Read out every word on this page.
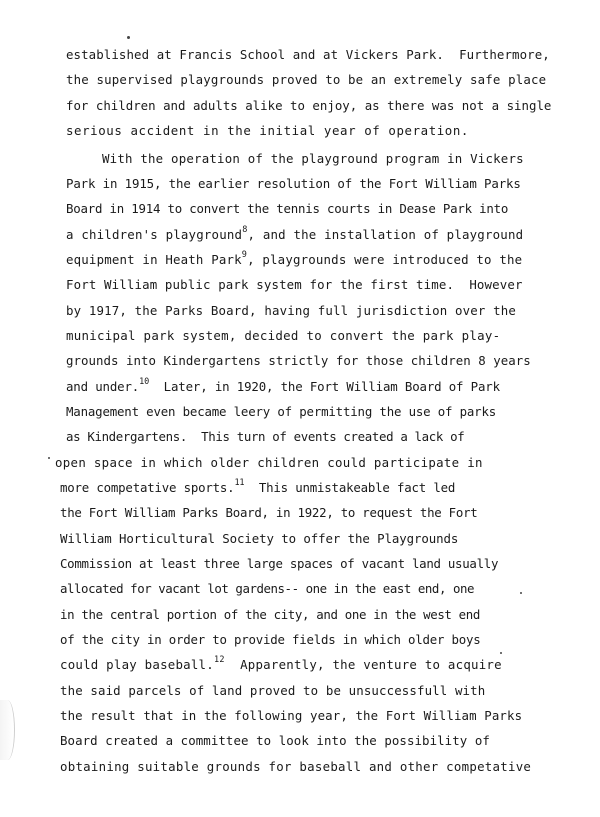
established at Francis School and at Vickers Park.  Furthermore,
the supervised playgrounds proved to be an extremely safe place
for children and adults alike to enjoy, as there was not a single
serious accident in the initial year of operation.
With the operation of the playground program in Vickers
Park in 1915, the earlier resolution of the Fort William Parks
Board in 1914 to convert the tennis courts in Dease Park into
a children's playground$^8$, and the installation of playground
equipment in Heath Park$^9$, playgrounds were introduced to the
Fort William public park system for the first time.  However
by 1917, the Parks Board, having full jurisdiction over the
municipal park system, decided to convert the park play-
grounds into Kindergartens strictly for those children 8 years
and under.$^{10}$  Later, in 1920, the Fort William Board of Park
Management even became leery of permitting the use of parks
as Kindergartens.  This turn of events created a lack of
open space in which older children could participate in
more competative sports.$^{11}$  This unmistakeable fact led
the Fort William Parks Board, in 1922, to request the Fort
William Horticultural Society to offer the Playgrounds
Commission at least three large spaces of vacant land usually
allocated for vacant lot gardens-- one in the east end, one
in the central portion of the city, and one in the west end
of the city in order to provide fields in which older boys
could play baseball.$^{12}$  Apparently, the venture to acquire
the said parcels of land proved to be unsuccessfull with
the result that in the following year, the Fort William Parks
Board created a committee to look into the possibility of
obtaining suitable grounds for baseball and other competative
